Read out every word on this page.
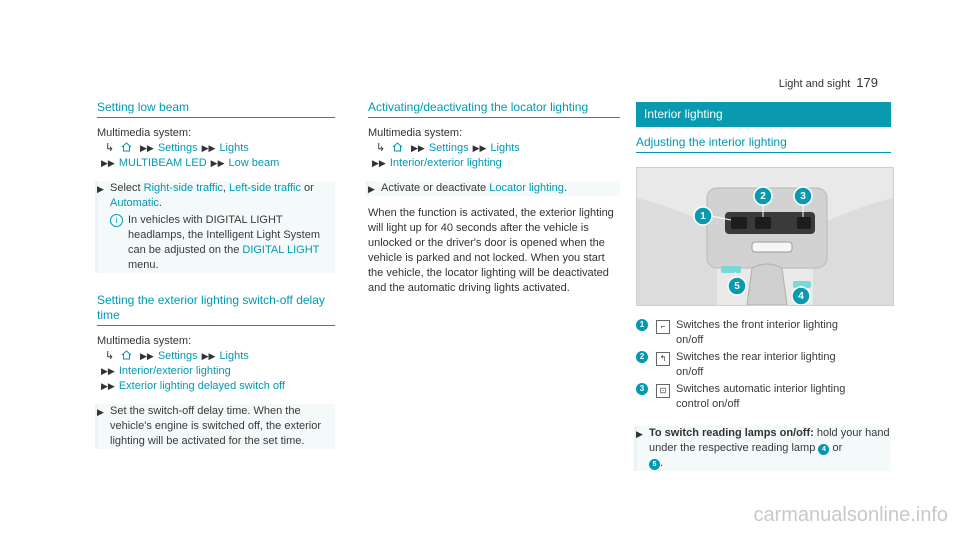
Light and sight 179
Setting low beam
Multimedia system:
↳	▶▶ Settings ▶▶ Lights
▶▶ MULTIBEAM LED ▶▶ Low beam
▶ Select Right-side traffic, Left-side traffic or
Automatic.
i In vehicles with DIGITAL LIGHT headlamps, the Intelligent Light System can be adjusted on the DIGITAL LIGHT menu.
Setting the exterior lighting switch-off delay time
Multimedia system:
↳	▶▶ Settings ▶▶ Lights
▶▶ Interior/exterior lighting
▶▶ Exterior lighting delayed switch off
▶ Set the switch-off delay time. When the vehicle's engine is switched off, the exterior lighting will be activated for the set time.
Activating/deactivating the locator lighting
Multimedia system:
↳	▶▶ Settings ▶▶ Lights
▶▶ Interior/exterior lighting
▶ Activate or deactivate Locator lighting.
When the function is activated, the exterior lighting will light up for 40 seconds after the vehicle is unlocked or the driver's door is opened when the vehicle is parked and not locked. When you start the vehicle, the locator lighting will be deactivated and the automatic driving lights activated.
Interior lighting
Adjusting the interior lighting
1
2	3
4
5
1	⌐ Switches the front interior lighting on/off
2	↰ Switches the rear interior lighting on/off
3	⊡ Switches automatic interior lighting control on/off
▶ To switch reading lamps on/off: hold your hand under the respective reading lamp 4 or
5 .
carmanualsonline.info
